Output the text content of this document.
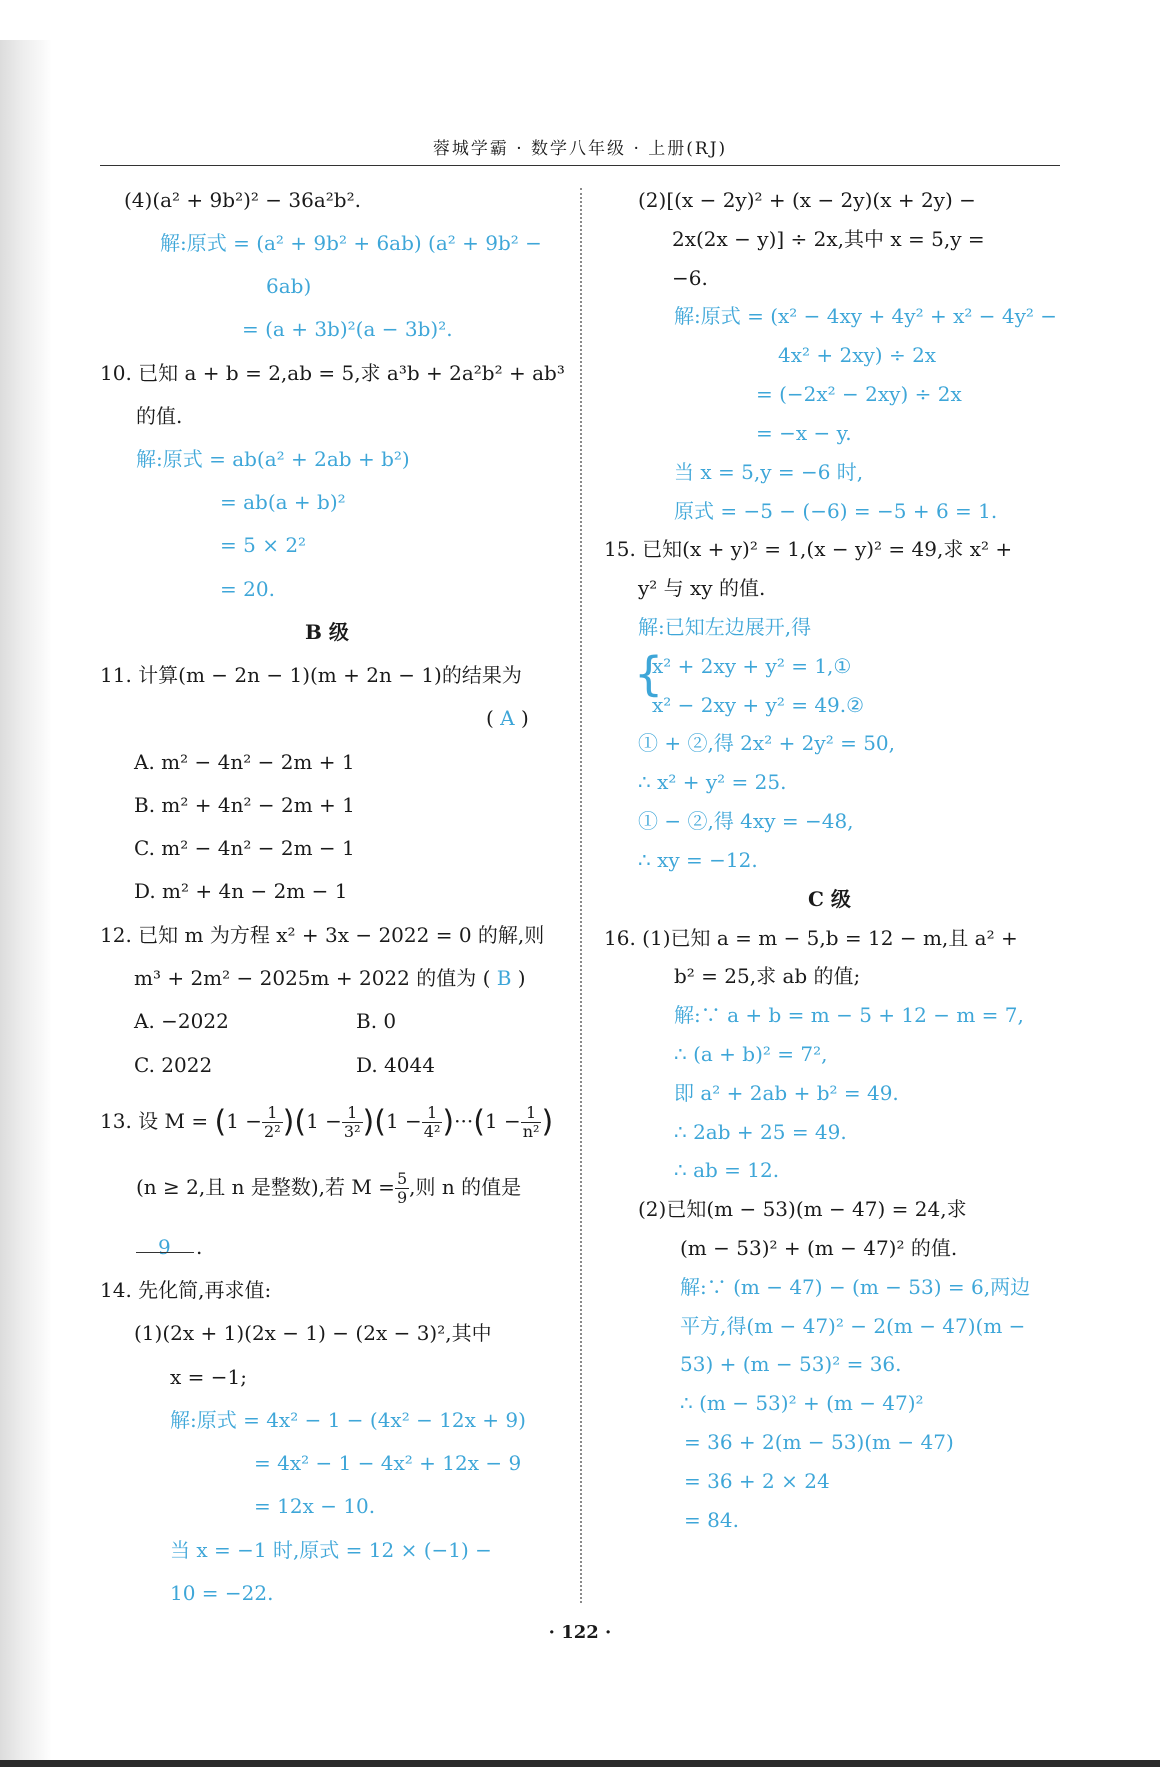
蓉城学霸 · 数学八年级 · 上册(RJ)
(4)(a² + 9b²)² − 36a²b².
解:原式 = (a² + 9b² + 6ab) (a² + 9b² −
6ab)
= (a + 3b)²(a − 3b)².
10. 已知 a + b = 2,ab = 5,求 a³b + 2a²b² + ab³
的值.
解:原式 = ab(a² + 2ab + b²)
= ab(a + b)²
= 5 × 2²
= 20.
B 级
11. 计算(m − 2n − 1)(m + 2n − 1)的结果为
( A )
A. m² − 4n² − 2m + 1
B. m² + 4n² − 2m + 1
C. m² − 4n² − 2m − 1
D. m² + 4n − 2m − 1
12. 已知 m 为方程 x² + 3x − 2022 = 0 的解,则
m³ + 2m² − 2025m + 2022 的值为 ( B )
A. −2022	B. 0
C. 2022	D. 4044
13. 设 $M = (1 - \frac{1}{\text{2²}} )(1 - \frac{1}{\text{3²}} )(1 - \frac{1}{\text{4²}} )\cdot\cdot\cdot(1 - \frac{1}{\text{n²}}$ )
(n ≥ 2,且 n 是整数),若 $M = \frac{5}{9}$ ,则 n 的值是
9 .
14. 先化简,再求值:
(1)(2x + 1)(2x − 1) − (2x − 3)²,其中
x = −1;
解:原式 = 4x² − 1 − (4x² − 12x + 9)
= 4x² − 1 − 4x² + 12x − 9
= 12x − 10.
当 x = −1 时,原式 = 12 × (−1) −
10 = −22.
(2)[(x − 2y)² + (x − 2y)(x + 2y) −
2x(2x − y)] ÷ 2x,其中 x = 5,y =
−6.
解:原式 = (x² − 4xy + 4y² + x² − 4y² −
4x² + 2xy) ÷ 2x
= (−2x² − 2xy) ÷ 2x
= −x − y.
当 x = 5,y = −6 时,
原式 = −5 − (−6) = −5 + 6 = 1.
15. 已知(x + y)² = 1,(x − y)² = 49,求 x² +
y² 与 xy 的值.
解:已知左边展开,得
{
x² + 2xy + y² = 1,①
x² − 2xy + y² = 49.②
① + ②,得 2x² + 2y² = 50,
∴ x² + y² = 25.
① − ②,得 4xy = −48,
∴ xy = −12.
C 级
16. (1)已知 a = m − 5,b = 12 − m,且 a² +
b² = 25,求 ab 的值;
解:∵ a + b = m − 5 + 12 − m = 7,
∴ (a + b)² = 7²,
即 a² + 2ab + b² = 49.
∴ 2ab + 25 = 49.
∴ ab = 12.
(2)已知(m − 53)(m − 47) = 24,求
(m − 53)² + (m − 47)² 的值.
解:∵ (m − 47) − (m − 53) = 6,两边
平方,得(m − 47)² − 2(m − 47)(m −
53) + (m − 53)² = 36.
∴ (m − 53)² + (m − 47)²
= 36 + 2(m − 53)(m − 47)
= 36 + 2 × 24
= 84.
· 122 ·
